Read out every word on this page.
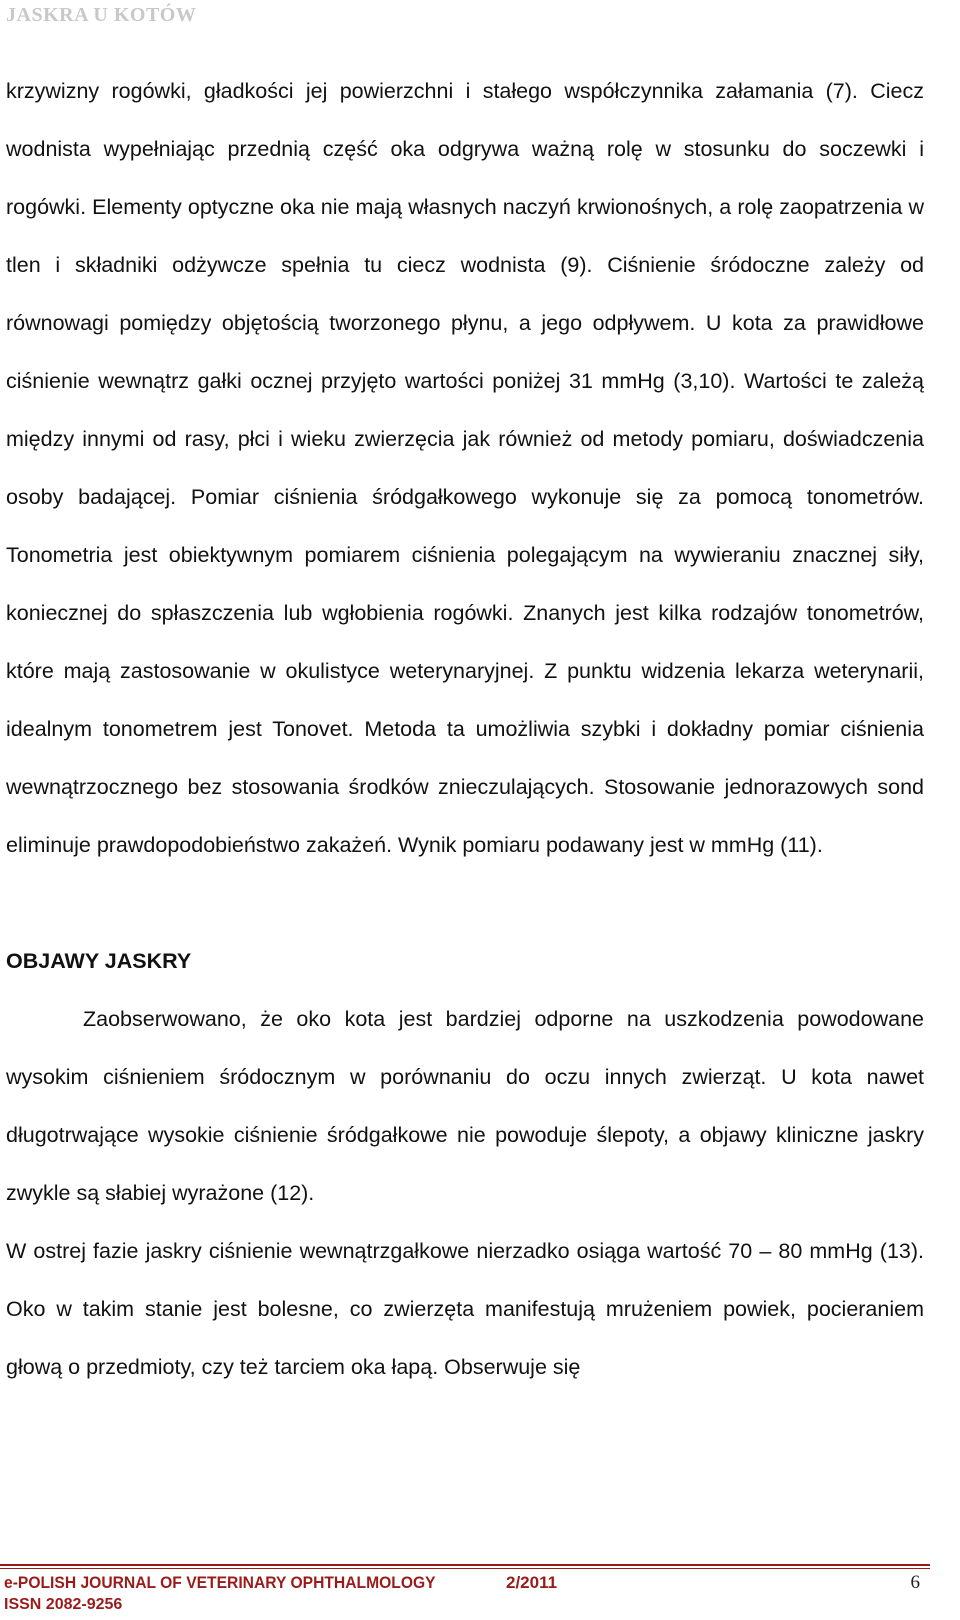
JASKRA U KOTÓW

krzywizny rogówki, gładkości jej powierzchni i stałego współczynnika załamania (7). Ciecz wodnista wypełniając przednią część oka odgrywa ważną rolę w stosunku do soczewki i rogówki. Elementy optyczne oka nie mają własnych naczyń krwionośnych, a rolę zaopatrzenia w tlen i składniki odżywcze spełnia tu ciecz wodnista (9). Ciśnienie śródoczne zależy od równowagi pomiędzy objętością tworzonego płynu, a jego odpływem. U kota za prawidłowe ciśnienie wewnątrz gałki ocznej przyjęto wartości poniżej 31 mmHg (3,10). Wartości te zależą między innymi od rasy, płci i wieku zwierzęcia jak również od metody pomiaru, doświadczenia osoby badającej. Pomiar ciśnienia śródgałkowego wykonuje się za pomocą tonometrów. Tonometria jest obiektywnym pomiarem ciśnienia polegającym na wywieraniu znacznej siły, koniecznej do spłaszczenia lub wgłobienia rogówki. Znanych jest kilka rodzajów tonometrów, które mają zastosowanie w okulistyce weterynaryjnej. Z punktu widzenia lekarza weterynarii, idealnym tonometrem jest Tonovet. Metoda ta umożliwia szybki i dokładny pomiar ciśnienia wewnątrzocznego bez stosowania środków znieczulających. Stosowanie jednorazowych sond eliminuje prawdopodobieństwo zakażeń. Wynik pomiaru podawany jest w mmHg (11).

OBJAWY JASKRY

Zaobserwowano, że oko kota jest bardziej odporne na uszkodzenia powodowane wysokim ciśnieniem śródocznym w porównaniu do oczu innych zwierząt. U kota nawet długotrwające wysokie ciśnienie śródgałkowe nie powoduje ślepoty, a objawy kliniczne jaskry zwykle są słabiej wyrażone (12).

W ostrej fazie jaskry ciśnienie wewnątrzgałkowe nierzadko osiąga wartość 70 – 80 mmHg (13). Oko w takim stanie jest bolesne, co zwierzęta manifestują mrużeniem powiek, pocieraniem głową o przedmioty, czy też tarciem oka łapą. Obserwuje się

e-POLISH JOURNAL OF VETERINARY OPHTHALMOLOGY	2/2011	6
ISSN 2082-9256
